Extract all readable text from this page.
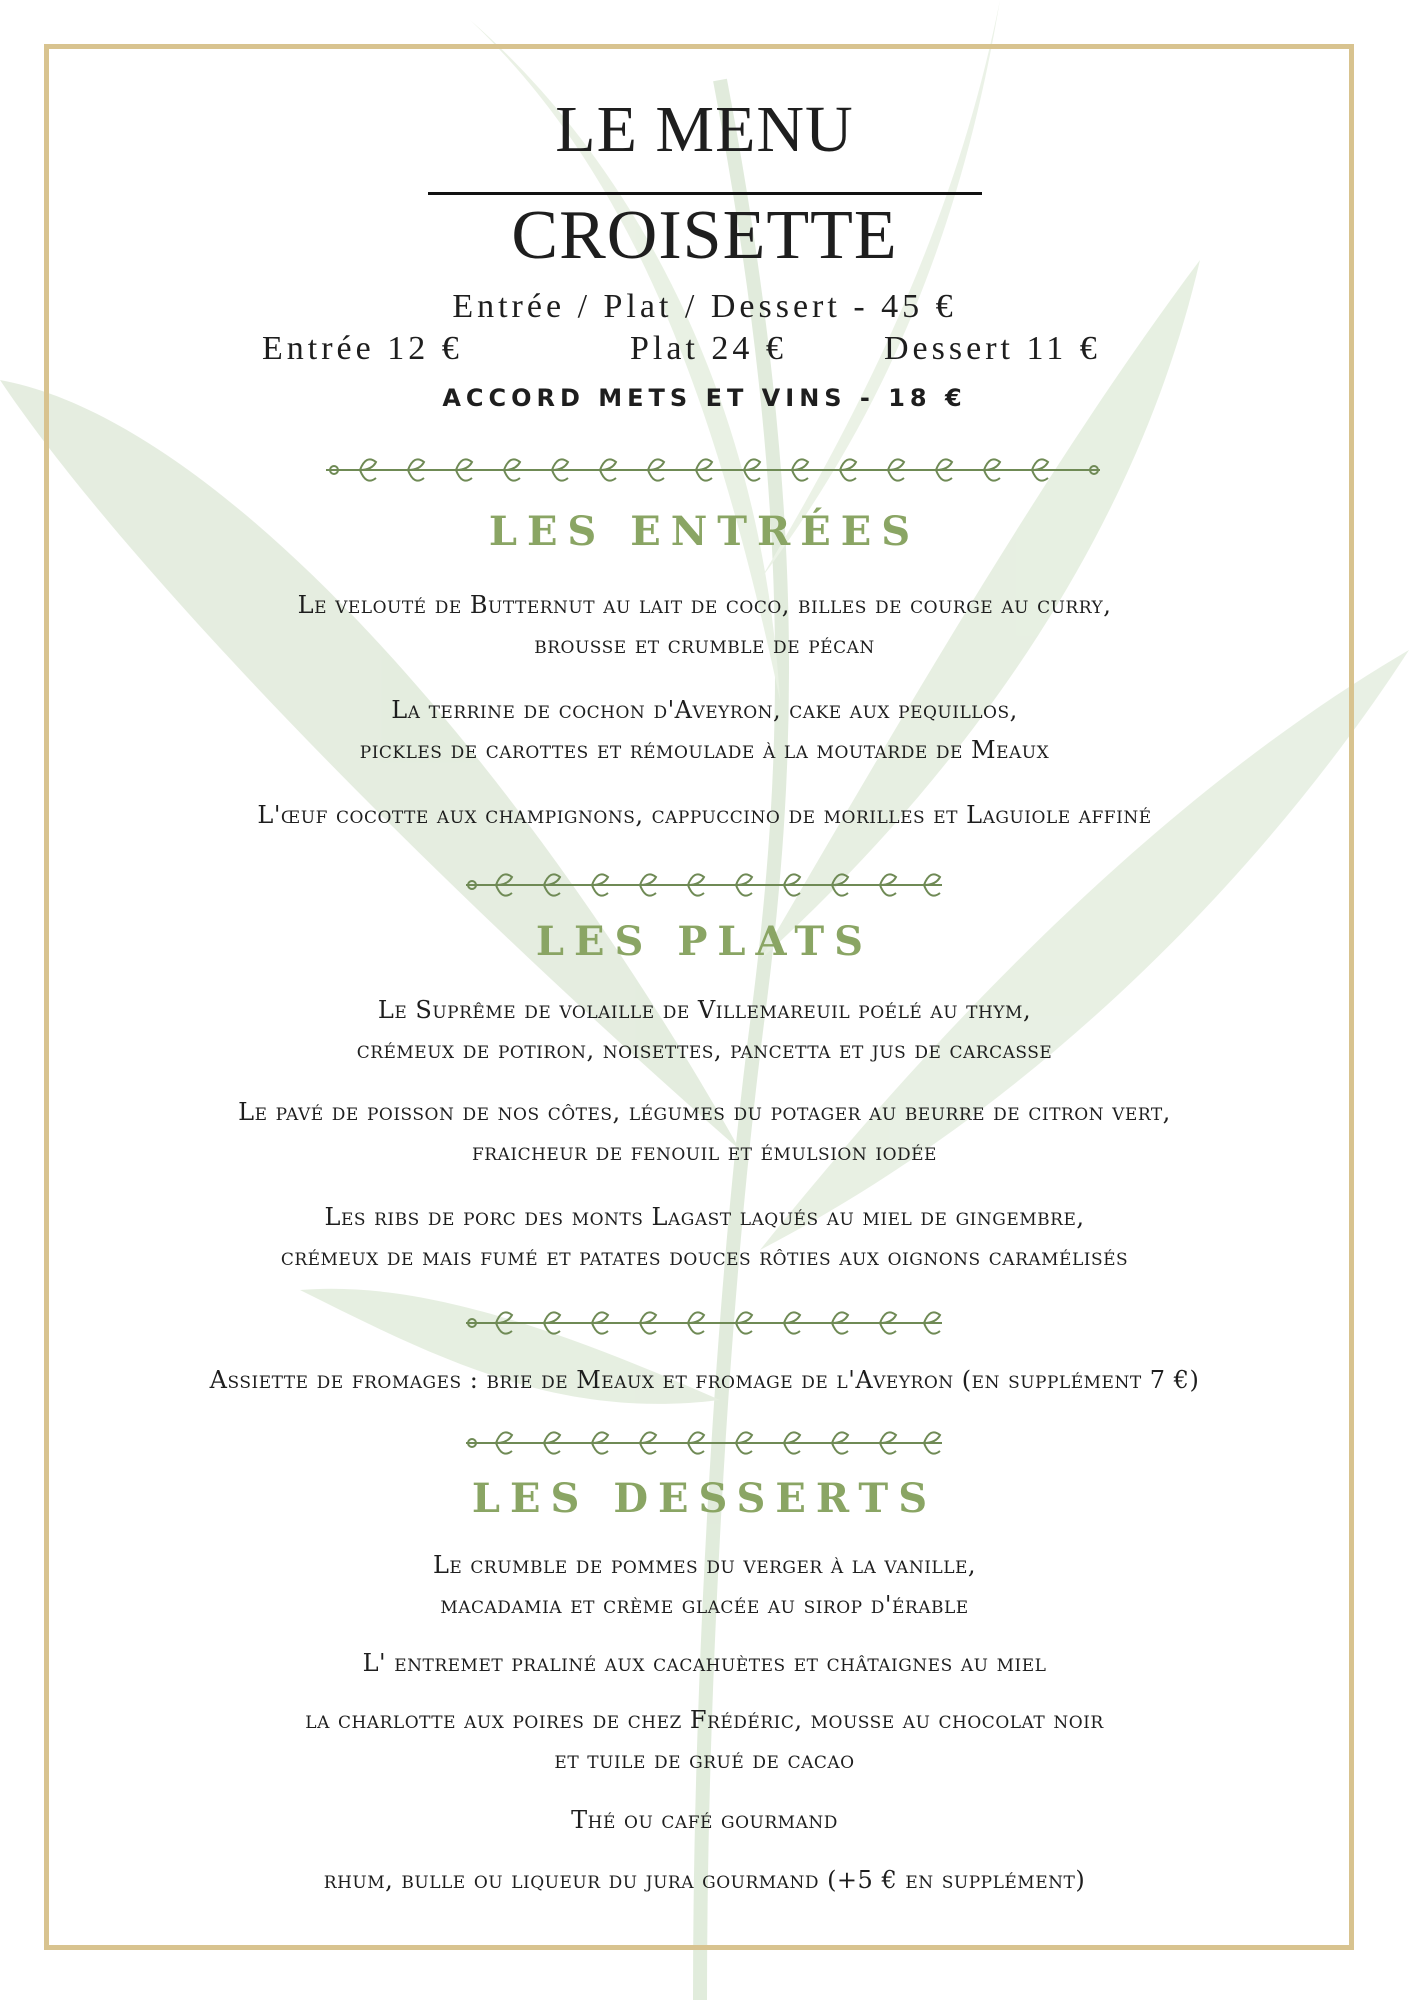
LE MENU
CROISETTE
Entrée / Plat / Dessert - 45 €
Entrée 12 €	Plat 24 €	Dessert 11 €
ACCORD METS ET VINS - 18 €
LES ENTRÉES
Le velouté de Butternut au lait de coco, billes de courge au curry,
brousse et crumble de pécan
La terrine de cochon d'Aveyron, cake aux pequillos,
pickles de carottes et rémoulade à la moutarde de Meaux
L'œuf cocotte aux champignons, cappuccino de morilles et Laguiole affiné
LES PLATS
Le Suprême de volaille de Villemareuil poélé au thym,
crémeux de potiron, noisettes, pancetta et jus de carcasse
Le pavé de poisson de nos côtes, légumes du potager au beurre de citron vert,
fraicheur de fenouil et émulsion iodée
Les ribs de porc des monts Lagast laqués au miel de gingembre,
crémeux de mais fumé et patates douces rôties aux oignons caramélisés
Assiette de fromages : brie de Meaux et fromage de l'Aveyron (en supplément 7 €)
LES DESSERTS
Le crumble de pommes du verger à la vanille,
macadamia et crème glacée au sirop d'érable
L' entremet praliné aux cacahuètes et châtaignes au miel
la charlotte aux poires de chez Frédéric, mousse au chocolat noir
et tuile de grué de cacao
Thé ou café gourmand
rhum, bulle ou liqueur du jura gourmand (+5 € en supplément)
